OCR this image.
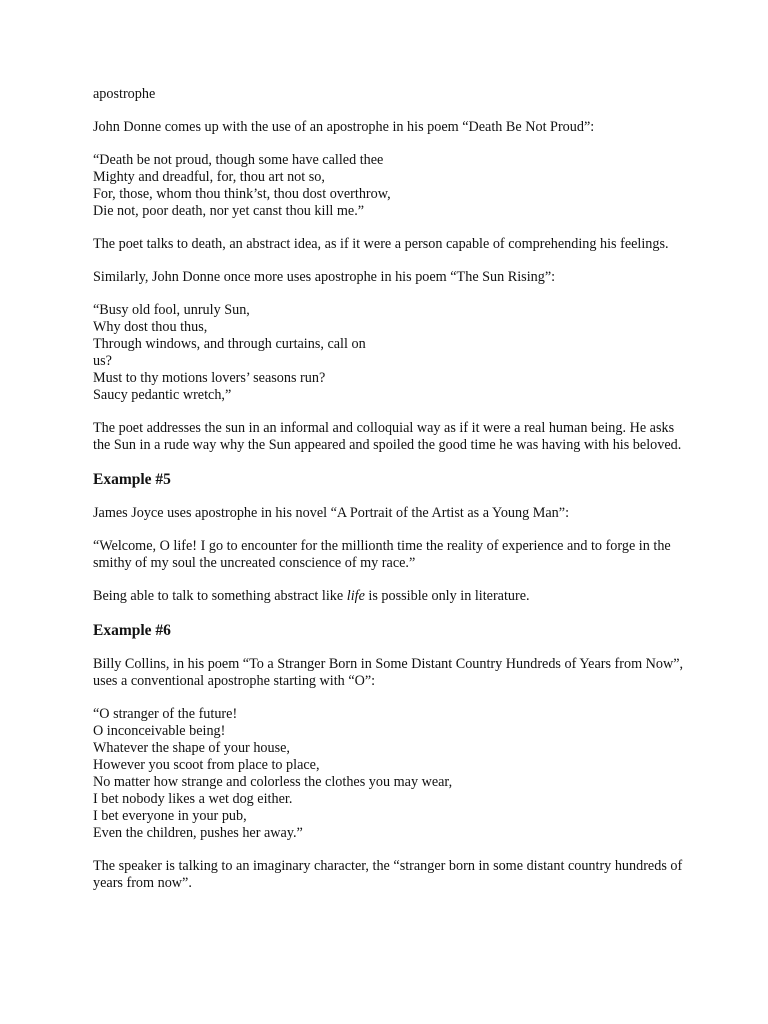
apostrophe

John Donne comes up with the use of an apostrophe in his poem “Death Be Not Proud”:

“Death be not proud, though some have called thee
Mighty and dreadful, for, thou art not so,
For, those, whom thou think’st, thou dost overthrow,
Die not, poor death, nor yet canst thou kill me.”

The poet talks to death, an abstract idea, as if it were a person capable of comprehending his feelings.

Similarly, John Donne once more uses apostrophe in his poem “The Sun Rising”:

“Busy old fool, unruly Sun,
Why dost thou thus,
Through windows, and through curtains, call on
us?
Must to thy motions lovers’ seasons run?
Saucy pedantic wretch,”

The poet addresses the sun in an informal and colloquial way as if it were a real human being. He asks the Sun in a rude way why the Sun appeared and spoiled the good time he was having with his beloved.

Example #5

James Joyce uses apostrophe in his novel “A Portrait of the Artist as a Young Man”:

“Welcome, O life! I go to encounter for the millionth time the reality of experience and to forge in the smithy of my soul the uncreated conscience of my race.”

Being able to talk to something abstract like life is possible only in literature.

Example #6

Billy Collins, in his poem “To a Stranger Born in Some Distant Country Hundreds of Years from Now”, uses a conventional apostrophe starting with “O”:

“O stranger of the future!
O inconceivable being!
Whatever the shape of your house,
However you scoot from place to place,
No matter how strange and colorless the clothes you may wear,
I bet nobody likes a wet dog either.
I bet everyone in your pub,
Even the children, pushes her away.”

The speaker is talking to an imaginary character, the “stranger born in some distant country hundreds of years from now”.
